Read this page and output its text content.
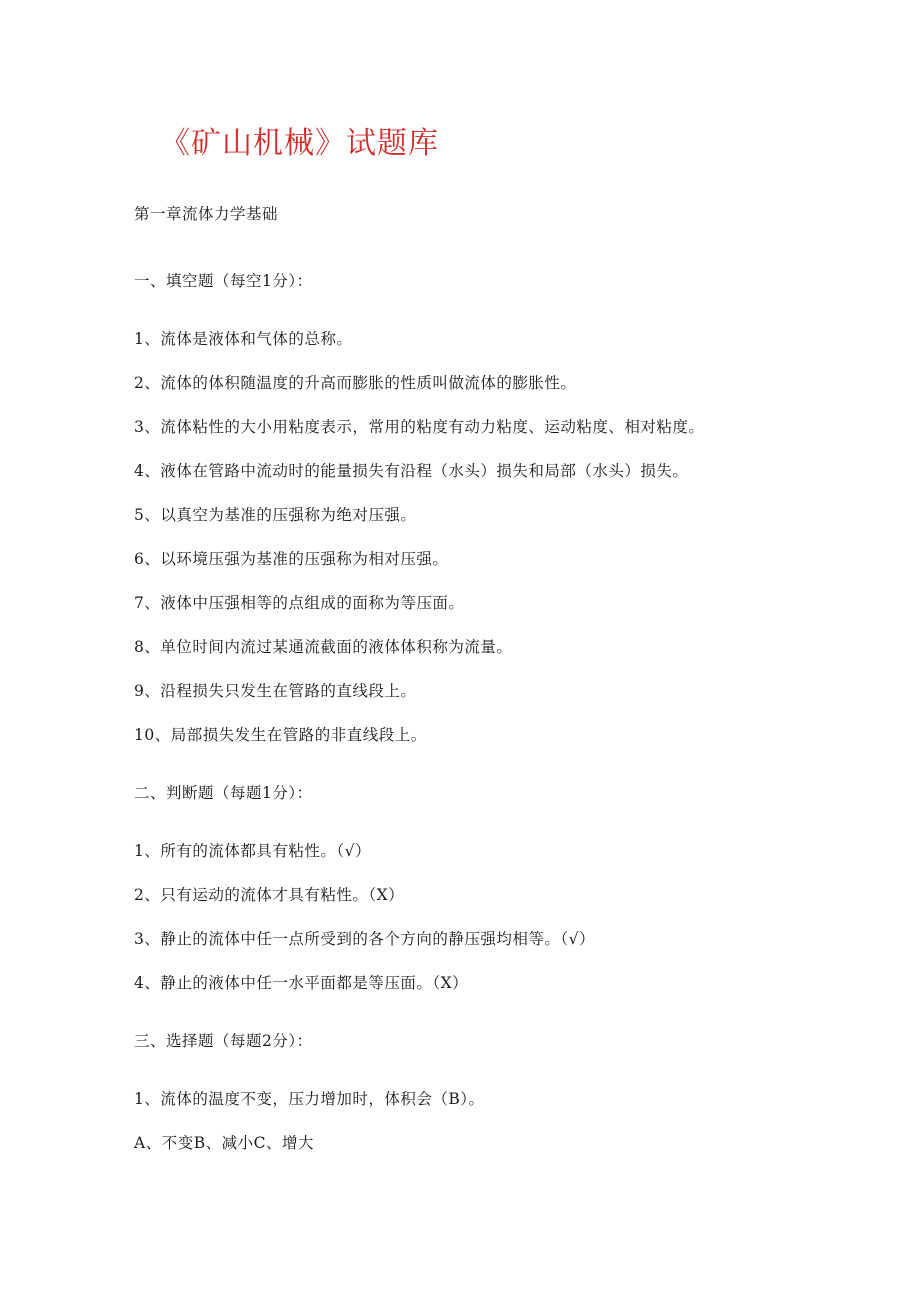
《矿山机械》试题库
第一章流体力学基础
一、填空题（每空1分）：
1、流体是液体和气体的总称。
2、流体的体积随温度的升高而膨胀的性质叫做流体的膨胀性。
3、流体粘性的大小用粘度表示，常用的粘度有动力粘度、运动粘度、相对粘度。
4、液体在管路中流动时的能量损失有沿程（水头）损失和局部（水头）损失。
5、以真空为基准的压强称为绝对压强。
6、以环境压强为基准的压强称为相对压强。
7、液体中压强相等的点组成的面称为等压面。
8、单位时间内流过某通流截面的液体体积称为流量。
9、沿程损失只发生在管路的直线段上。
10、局部损失发生在管路的非直线段上。
二、判断题（每题1分）：
1、所有的流体都具有粘性。（√）
2、只有运动的流体才具有粘性。（X）
3、静止的流体中任一点所受到的各个方向的静压强均相等。（√）
4、静止的液体中任一水平面都是等压面。（X）
三、选择题（每题2分）：
1、流体的温度不变，压力增加时，体积会（B）。
A、不变B、减小C、增大
